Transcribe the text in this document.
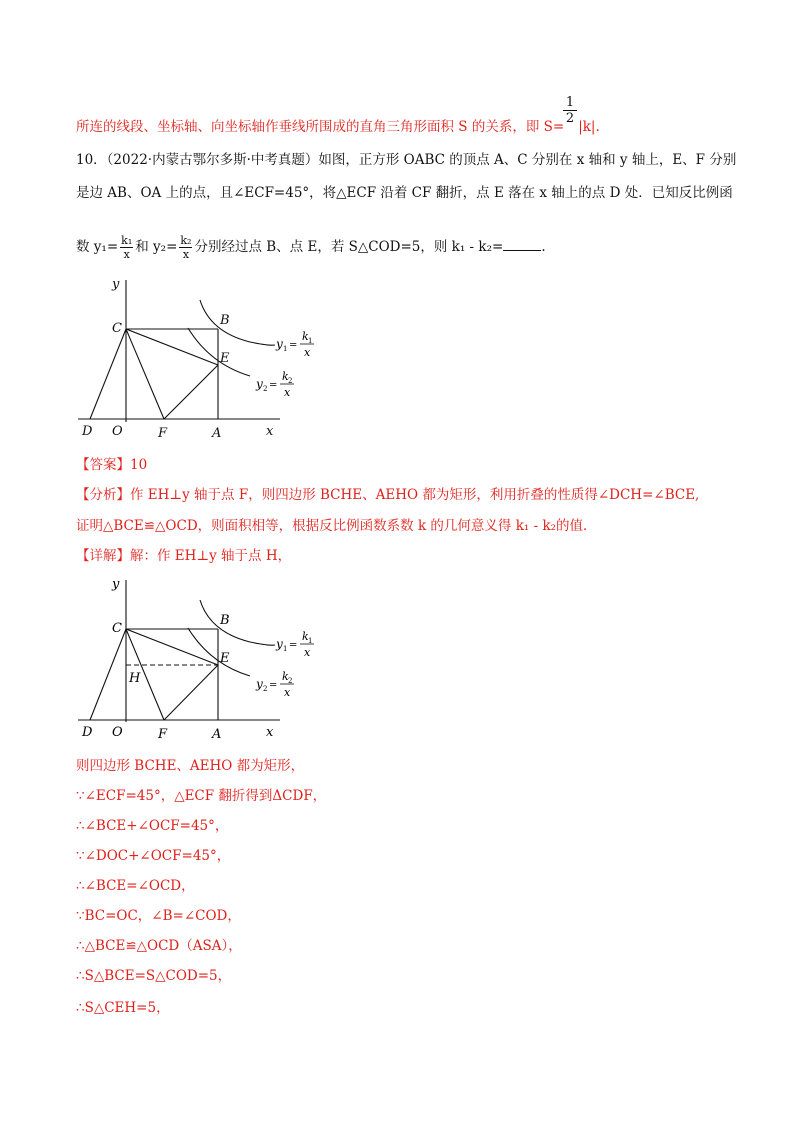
所连的线段、坐标轴、向坐标轴作垂线所围成的直角三角形面积 S 的关系，即 S= |k|.
1
2
10．（2022·内蒙古鄂尔多斯·中考真题）如图，正方形 OABC 的顶点 A、C 分别在 x 轴和 y 轴上，E、F 分别
是边 AB、OA 上的点，且∠ECF=45°，将△ECF 沿着 CF 翻折，点 E 落在 x 轴上的点 D 处．已知反比例函
数 $y_1= \frac{\text{k₁}}{x}$ 和 $y_2= \frac{\text{k₂}}{x}$ 分别经过点 B、点 E，若 S△COD=5，则 k₁ - k₂=	.
y
C
B
E
D O	F	A	x
y 1 =
k 1
x
y 2 =
k 2
x
【答案】10
【分析】作 EH⊥y 轴于点 F，则四边形 BCHE、AEHO 都为矩形，利用折叠的性质得∠DCH=∠BCE,
证明△BCE≌△OCD，则面积相等，根据反比例函数系数 k 的几何意义得 k₁ - k₂的值．
【详解】解：作 EH⊥y 轴于点 H，
y
C
B
E
H
D O	F	A	x
y 1 =
k 1
x
y 2 =
k 2
x
则四边形 BCHE、AEHO 都为矩形，
∵∠ECF=45°，△ECF 翻折得到ΔCDF，
∴∠BCE+∠OCF=45°，
∵∠DOC+∠OCF=45°，
∴∠BCE=∠OCD，
∵BC=OC，∠B=∠COD，
∴△BCE≌△OCD（ASA），
∴S△BCE=S△COD=5，
∴S△CEH=5，
